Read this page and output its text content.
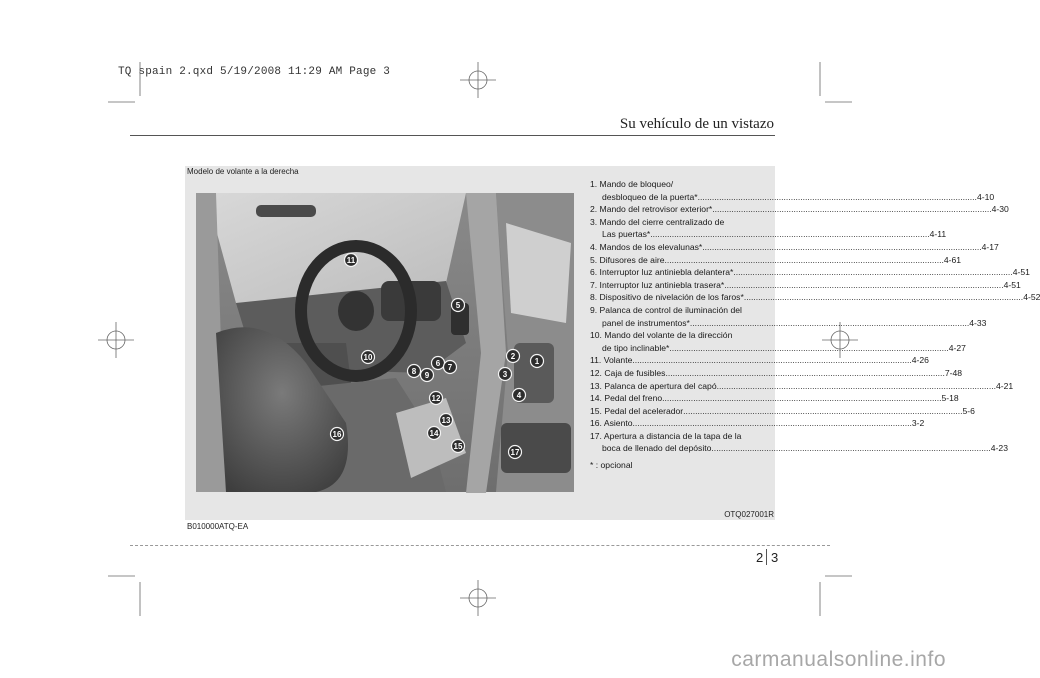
TQ spain 2.qxd 5/19/2008 11:29 AM Page 3
Su vehículo de un vistazo
Modelo de volante a la derecha
1
2
3
4
5
6 7
8 9
10
11
12
13
14
15
16
17
1. Mando de bloqueo/
desbloqueo de la puerta* .....	4-10
2. Mando del retrovisor exterior* .....	4-30
3. Mando del cierre centralizado de
Las puertas* .....	4-11
4. Mandos de los elevalunas* .....	4-17
5. Difusores de aire .....	4-61
6. Interruptor luz antiniebla delantera* .....	4-51
7. Interruptor luz antiniebla trasera* .....	4-51
8. Dispositivo de nivelación de los faros* .....	4-52
9. Palanca de control de iluminación del
panel de instrumentos* .....	4-33
10. Mando del volante de la dirección
de tipo inclinable* .....	4-27
11. Volante .....	4-26
12. Caja de fusibles .....	7-48
13. Palanca de apertura del capó .....	4-21
14. Pedal del freno .....	5-18
15. Pedal del acelerador .....	5-6
16. Asiento .....	3-2
17. Apertura a distancia de la tapa de la
boca de llenado del depósito .....	4-23
* : opcional
OTQ027001R
B010000ATQ-EA
2 3
carmanualsonline.info
